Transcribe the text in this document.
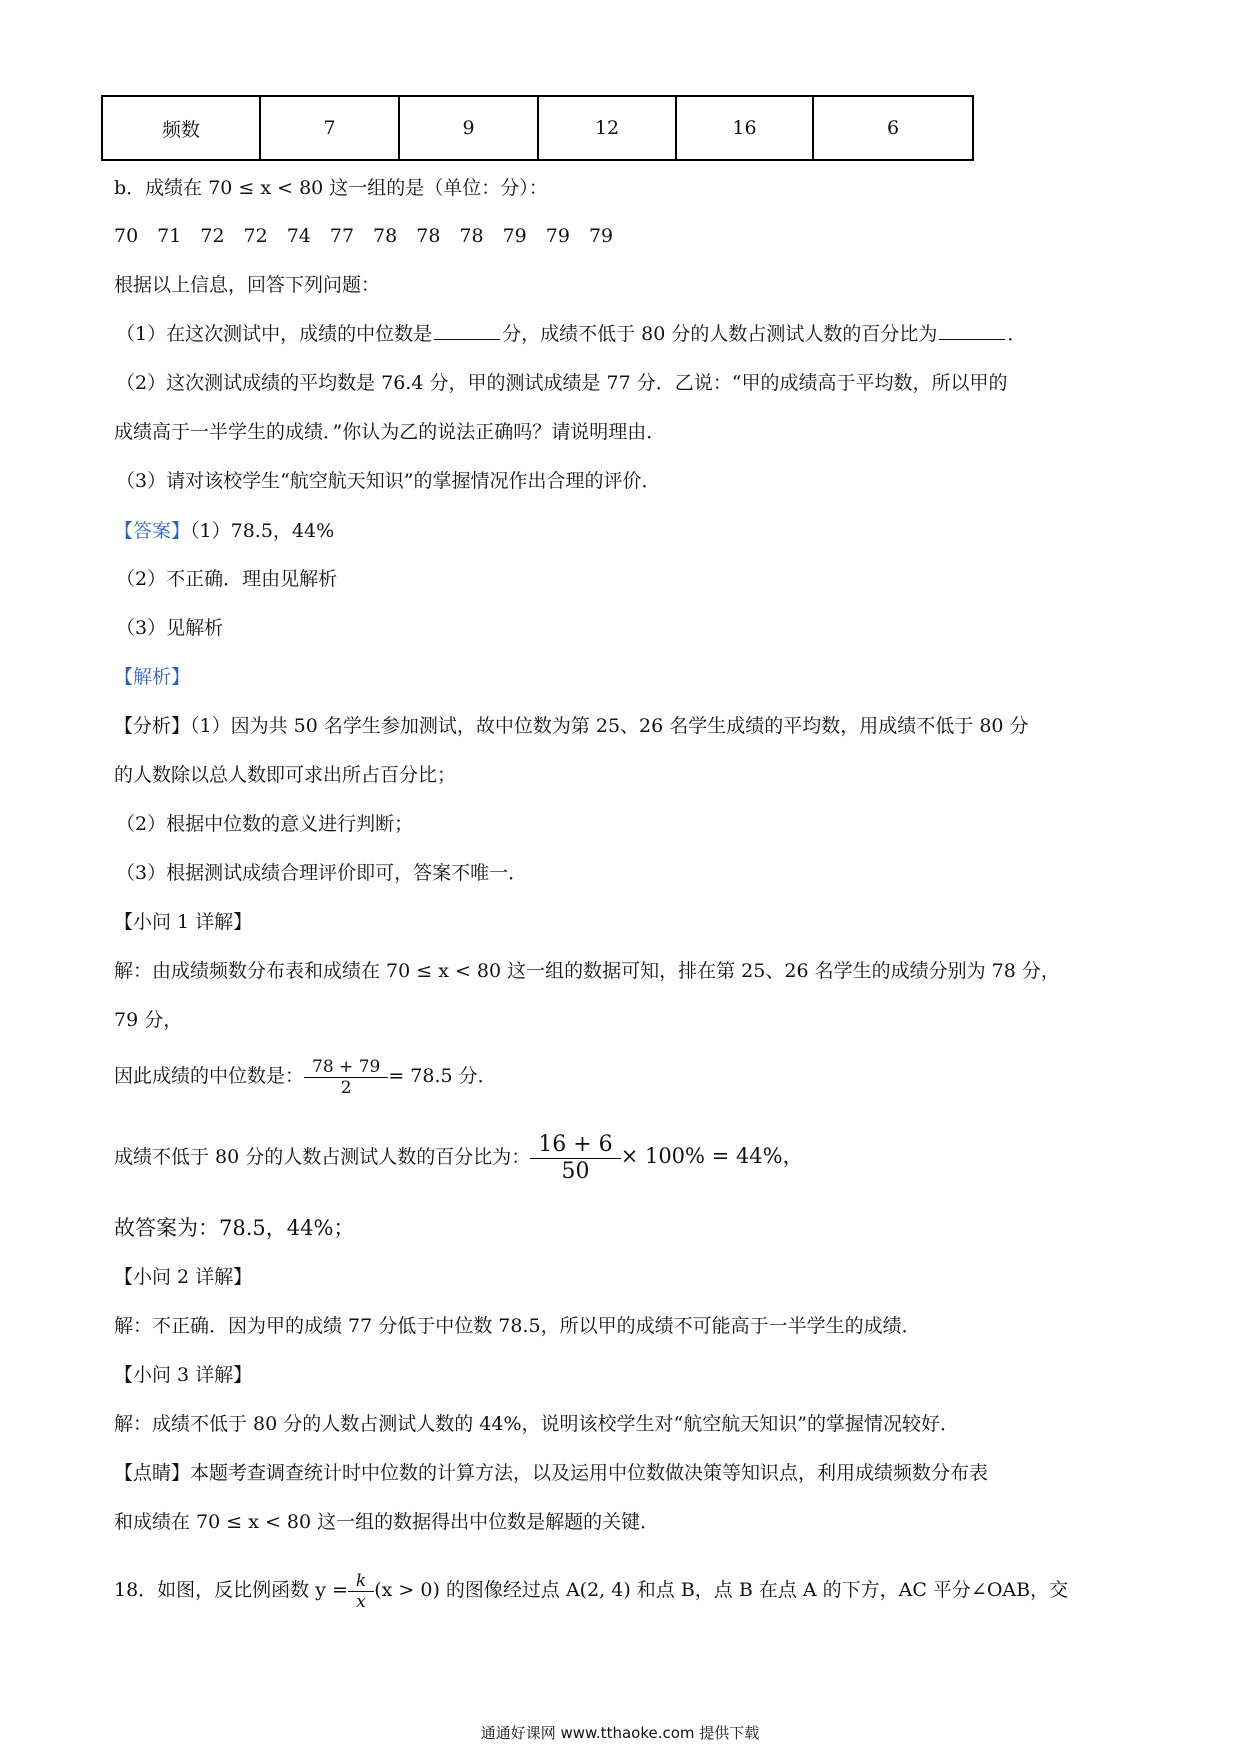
频数	7	9	12	16	6
b．成绩在 70 ≤ x < 80 这一组的是（单位：分）：
70　71　72　72　74　77　78　78　78　79　79　79
根据以上信息，回答下列问题：
（1）在这次测试中，成绩的中位数是	分，成绩不低于 80 分的人数占测试人数的百分比为	．
（2）这次测试成绩的平均数是 76.4 分，甲的测试成绩是 77 分．乙说：“甲的成绩高于平均数，所以甲的
成绩高于一半学生的成绩．”你认为乙的说法正确吗？请说明理由．
（3）请对该校学生“航空航天知识”的掌握情况作出合理的评价．
【答案】（1）78.5，44%
（2）不正确．理由见解析
（3）见解析
【解析】
【分析】（1）因为共 50 名学生参加测试，故中位数为第 25、26 名学生成绩的平均数，用成绩不低于 80 分
的人数除以总人数即可求出所占百分比；
（2）根据中位数的意义进行判断；
（3）根据测试成绩合理评价即可，答案不唯一．
【小问 1 详解】
解：由成绩频数分布表和成绩在 70 ≤ x < 80 这一组的数据可知，排在第 25、26 名学生的成绩分别为 78 分，
79 分，
因此成绩的中位数是： $\frac{78 + 79}{2} = 78.5$ 分．
成绩不低于 80 分的人数占测试人数的百分比为： $\frac{16 + 6}{50} \times 100\% = 44\%$，
故答案为：78.5，44%；
【小问 2 详解】
解：不正确．因为甲的成绩 77 分低于中位数 78.5，所以甲的成绩不可能高于一半学生的成绩．
【小问 3 详解】
解：成绩不低于 80 分的人数占测试人数的 44%，说明该校学生对“航空航天知识”的掌握情况较好．
【点睛】本题考查调查统计时中位数的计算方法，以及运用中位数做决策等知识点，利用成绩频数分布表
和成绩在 70 ≤ x < 80 这一组的数据得出中位数是解题的关键．
18．如图，反比例函数 $y = \frac{k}{x} (x > 0)$ 的图像经过点 A(2, 4) 和点 B，点 B 在点 A 的下方，AC 平分∠OAB，交
通通好课网 www.tthaoke.com 提供下载
